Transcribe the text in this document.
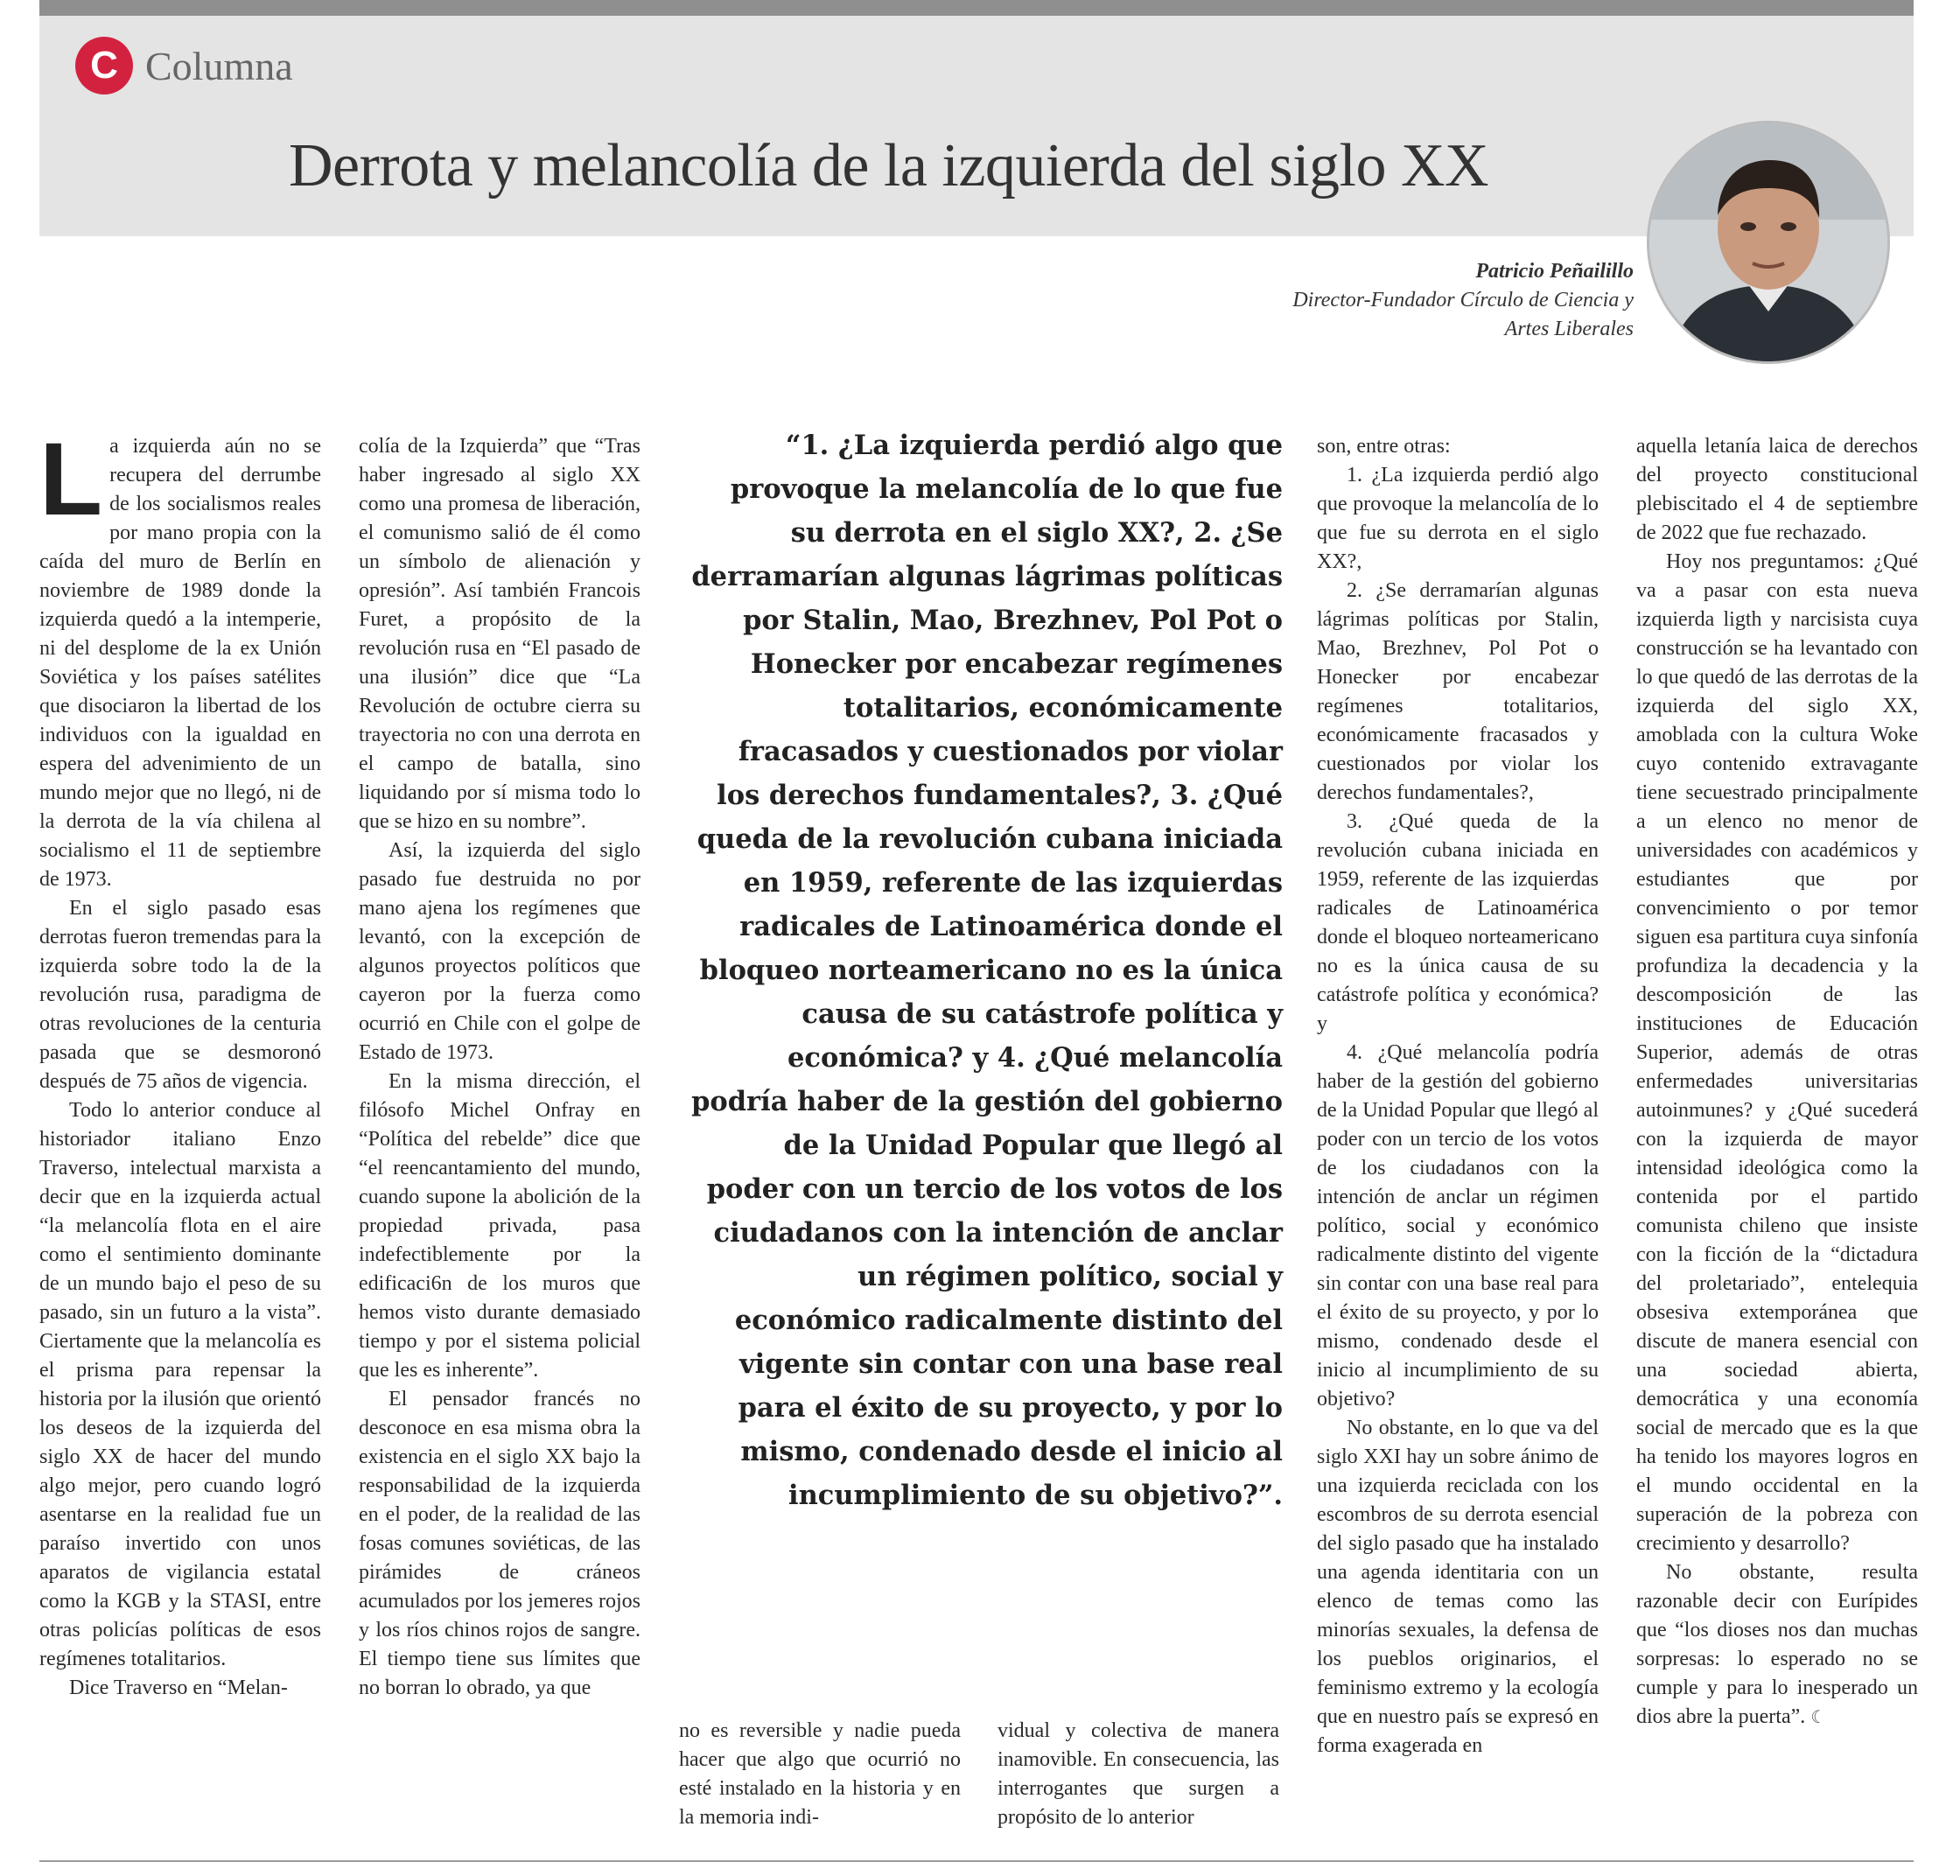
C Columna
Derrota y melancolía de la izquierda del siglo XX
Patricio Peñailillo
Director-Fundador Círculo de Ciencia y
Artes Liberales

La izquierda aún no se recupera del derrumbe de los socialismos reales por mano propia con la caída del muro de Berlín en noviembre de 1989 donde la izquierda quedó a la intemperie, ni del desplome de la ex Unión Soviética y los países satélites que disociaron la libertad de los individuos con la igualdad en espera del advenimiento de un mundo mejor que no llegó, ni de la derrota de la vía chilena al socialismo el 11 de septiembre de 1973.

En el siglo pasado esas derrotas fueron tremendas para la izquierda sobre todo la de la revolución rusa, paradigma de otras revoluciones de la centuria pasada que se desmoronó después de 75 años de vigencia.

Todo lo anterior conduce al historiador italiano Enzo Traverso, intelectual marxista a decir que en la izquierda actual “la melancolía flota en el aire como el sentimiento dominante de un mundo bajo el peso de su pasado, sin un futuro a la vista”. Ciertamente que la melancolía es el prisma para repensar la historia por la ilusión que orientó los deseos de la izquierda del siglo XX de hacer del mundo algo mejor, pero cuando logró asentarse en la realidad fue un paraíso invertido con unos aparatos de vigilancia estatal como la KGB y la STASI, entre otras policías políticas de esos regímenes totalitarios.

Dice Traverso en “Melan-

colía de la Izquierda” que “Tras haber ingresado al siglo XX como una promesa de liberación, el comunismo salió de él como un símbolo de alienación y opresión”. Así también Francois Furet, a propósito de la revolución rusa en “El pasado de una ilusión” dice que “La Revolución de octubre cierra su trayectoria no con una derrota en el campo de batalla, sino liquidando por sí misma todo lo que se hizo en su nombre”.

Así, la izquierda del siglo pasado fue destruida no por mano ajena los regímenes que levantó, con la excepción de algunos proyectos políticos que cayeron por la fuerza como ocurrió en Chile con el golpe de Estado de 1973.

En la misma dirección, el filósofo Michel Onfray en “Política del rebelde” dice que “el reencantamiento del mundo, cuando supone la abolición de la propiedad privada, pasa indefectiblemente por la edificaci6n de los muros que hemos visto durante demasiado tiempo y por el sistema policial que les es inherente”.

El pensador francés no desconoce en esa misma obra la existencia en el siglo XX bajo la responsabilidad de la izquierda en el poder, de la realidad de las fosas comunes soviéticas, de las pirámides de cráneos acumulados por los jemeres rojos y los ríos chinos rojos de sangre. El tiempo tiene sus límites que no borran lo obrado, ya que

“1. ¿La izquierda perdió algo que provoque la melancolía de lo que fue su derrota en el siglo XX?, 2. ¿Se derramarían algunas lágrimas políticas por Stalin, Mao, Brezhnev, Pol Pot o Honecker por encabezar regímenes totalitarios, económicamente fracasados y cuestionados por violar los derechos fundamentales?, 3. ¿Qué queda de la revolución cubana iniciada en 1959, referente de las izquierdas radicales de Latinoamérica donde el bloqueo norteamericano no es la única causa de su catástrofe política y económica? y 4. ¿Qué melancolía podría haber de la gestión del gobierno de la Unidad Popular que llegó al poder con un tercio de los votos de los ciudadanos con la intención de anclar un régimen político, social y económico radicalmente distinto del vigente sin contar con una base real para el éxito de su proyecto, y por lo mismo, condenado desde el inicio al incumplimiento de su objetivo?”.

no es reversible y nadie pueda hacer que algo que ocurrió no esté instalado en la historia y en la memoria indi-

vidual y colectiva de manera inamovible. En consecuencia, las interrogantes que surgen a propósito de lo anterior

son, entre otras:

1. ¿La izquierda perdió algo que provoque la melancolía de lo que fue su derrota en el siglo XX?,

2. ¿Se derramarían algunas lágrimas políticas por Stalin, Mao, Brezhnev, Pol Pot o Honecker por encabezar regímenes totalitarios, económicamente fracasados y cuestionados por violar los derechos fundamentales?,

3. ¿Qué queda de la revolución cubana iniciada en 1959, referente de las izquierdas radicales de Latinoamérica donde el bloqueo norteamericano no es la única causa de su catástrofe política y económica? y

4. ¿Qué melancolía podría haber de la gestión del gobierno de la Unidad Popular que llegó al poder con un tercio de los votos de los ciudadanos con la intención de anclar un régimen político, social y económico radicalmente distinto del vigente sin contar con una base real para el éxito de su proyecto, y por lo mismo, condenado desde el inicio al incumplimiento de su objetivo?

No obstante, en lo que va del siglo XXI hay un sobre ánimo de una izquierda reciclada con los escombros de su derrota esencial del siglo pasado que ha instalado una agenda identitaria con un elenco de temas como las minorías sexuales, la defensa de los pueblos originarios, el feminismo extremo y la ecología que en nuestro país se expresó en forma exagerada en

aquella letanía laica de derechos del proyecto constitucional plebiscitado el 4 de septiembre de 2022 que fue rechazado.

Hoy nos preguntamos: ¿Qué va a pasar con esta nueva izquierda ligth y narcisista cuya construcción se ha levantado con lo que quedó de las derrotas de la izquierda del siglo XX, amoblada con la cultura Woke cuyo contenido extravagante tiene secuestrado principalmente a un elenco no menor de universidades con académicos y estudiantes que por convencimiento o por temor siguen esa partitura cuya sinfonía profundiza la decadencia y la descomposición de las instituciones de Educación Superior, además de otras enfermedades universitarias autoinmunes? y ¿Qué sucederá con la izquierda de mayor intensidad ideológica como la contenida por el partido comunista chileno que insiste con la ficción de la “dictadura del proletariado”, entelequia obsesiva extemporánea que discute de manera esencial con una sociedad abierta, democrática y una economía social de mercado que es la que ha tenido los mayores logros en el mundo occidental en la superación de la pobreza con crecimiento y desarrollo?

No obstante, resulta razonable decir con Eurípides que “los dioses nos dan muchas sorpresas: lo esperado no se cumple y para lo inesperado un dios abre la puerta”. ☾
